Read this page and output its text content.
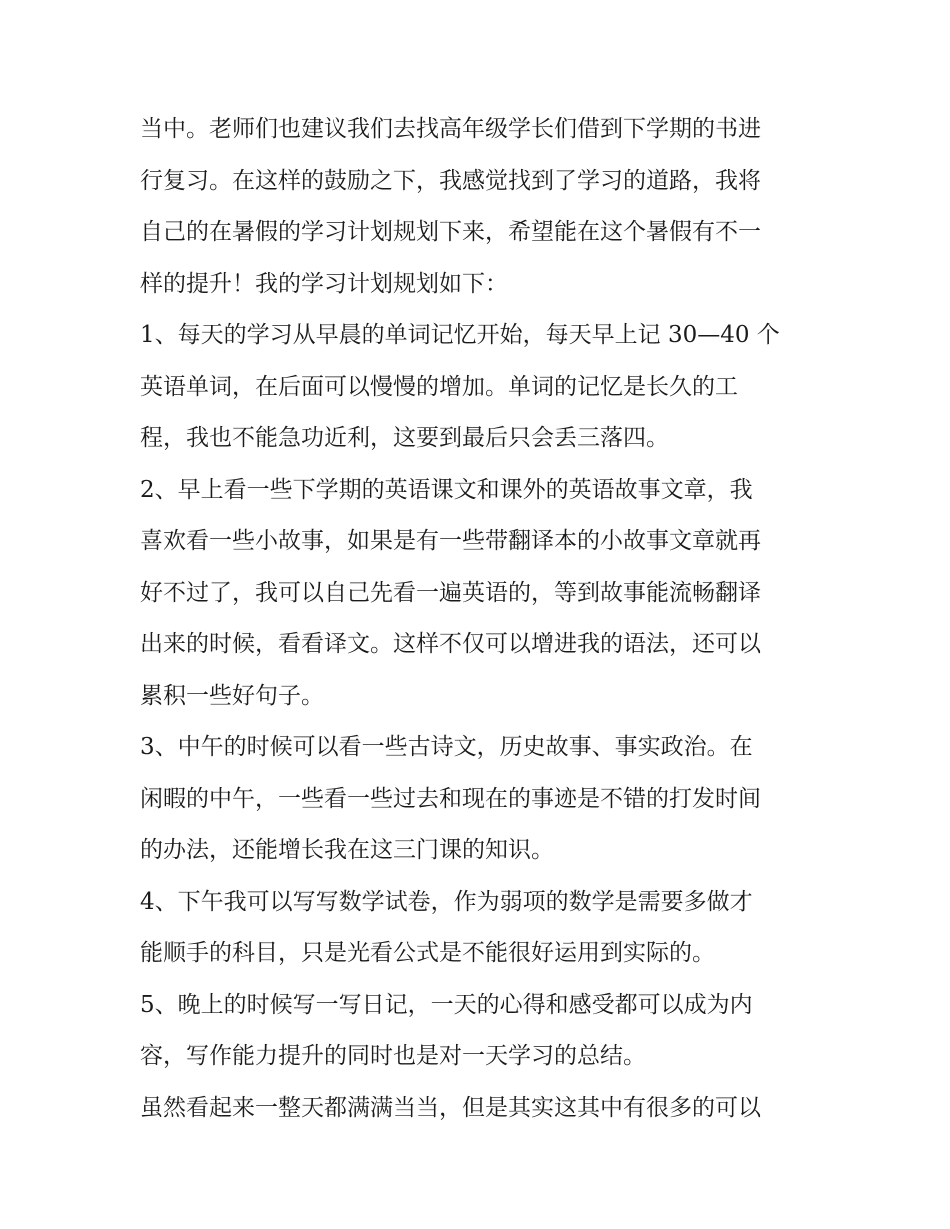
当中。老师们也建议我们去找高年级学长们借到下学期的书进
行复习。在这样的鼓励之下，我感觉找到了学习的道路，我将
自己的在暑假的学习计划规划下来，希望能在这个暑假有不一
样的提升！我的学习计划规划如下：
1、每天的学习从早晨的单词记忆开始，每天早上记 30—40 个
英语单词，在后面可以慢慢的增加。单词的记忆是长久的工
程，我也不能急功近利，这要到最后只会丢三落四。
2、早上看一些下学期的英语课文和课外的英语故事文章，我
喜欢看一些小故事，如果是有一些带翻译本的小故事文章就再
好不过了，我可以自己先看一遍英语的，等到故事能流畅翻译
出来的时候，看看译文。这样不仅可以增进我的语法，还可以
累积一些好句子。
3、中午的时候可以看一些古诗文，历史故事、事实政治。在
闲暇的中午，一些看一些过去和现在的事迹是不错的打发时间
的办法，还能增长我在这三门课的知识。
4、下午我可以写写数学试卷，作为弱项的数学是需要多做才
能顺手的科目，只是光看公式是不能很好运用到实际的。
5、晚上的时候写一写日记，一天的心得和感受都可以成为内
容，写作能力提升的同时也是对一天学习的总结。
虽然看起来一整天都满满当当，但是其实这其中有很多的可以
